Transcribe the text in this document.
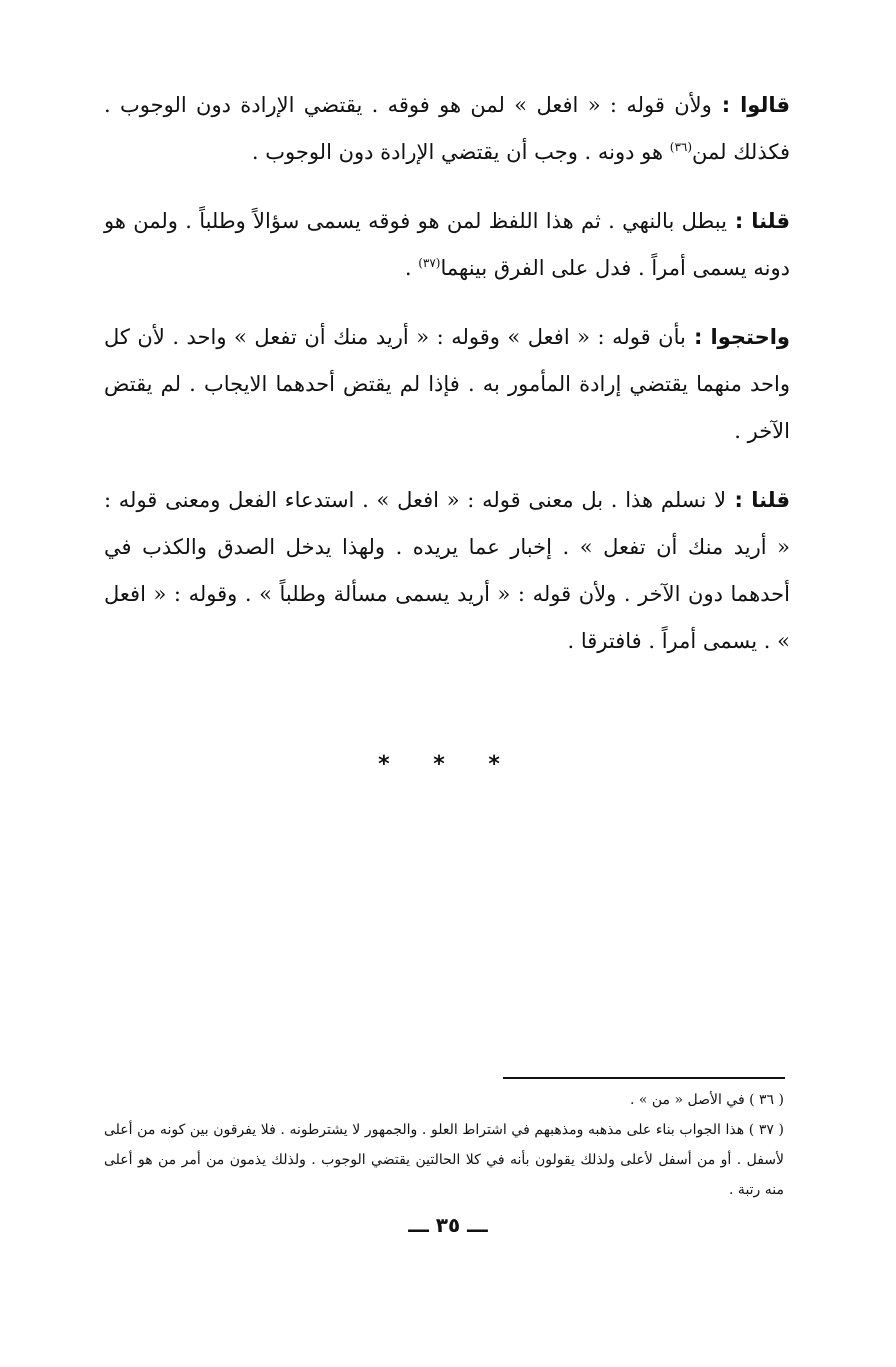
قالوا : ولأن قوله : « افعل » لمن هو فوقه . يقتضي الإرادة دون الوجوب . فكذلك لمن$^{(٣٦)}$ هو دونه . وجب أن يقتضي الإرادة دون الوجوب .

قلنا : يبطل بالنهي . ثم هذا اللفظ لمن هو فوقه يسمى سؤالاً وطلباً . ولمن هو دونه يسمى أمراً . فدل على الفرق بينهما$^{(٣٧)}$ .

واحتجوا : بأن قوله : « افعل » وقوله : « أريد منك أن تفعل » واحد . لأن كل واحد منهما يقتضي إرادة المأمور به . فإذا لم يقتض أحدهما الايجاب . لم يقتض الآخر .

قلنا : لا نسلم هذا . بل معنى قوله : « افعل » . استدعاء الفعل ومعنى قوله : « أريد منك أن تفعل » . إخبار عما يريده . ولهذا يدخل الصدق والكذب في أحدهما دون الآخر . ولأن قوله : « أريد يسمى مسألة وطلباً » . وقوله : « افعل » . يسمى أمراً . فافترقا .

* * *

( ٣٦ ) في الأصل « من » .

( ٣٧ ) هذا الجواب بناء على مذهبه ومذهبهم في اشتراط العلو . والجمهور لا يشترطونه . فلا يفرقون بين كونه من أعلى لأسفل . أو من أسفل لأعلى ولذلك يقولون بأنه في كلا الحالتين يقتضي الوجوب . ولذلك يذمون من أمر من هو أعلى منه رتبة .

ـــ ٣٥ ـــ
